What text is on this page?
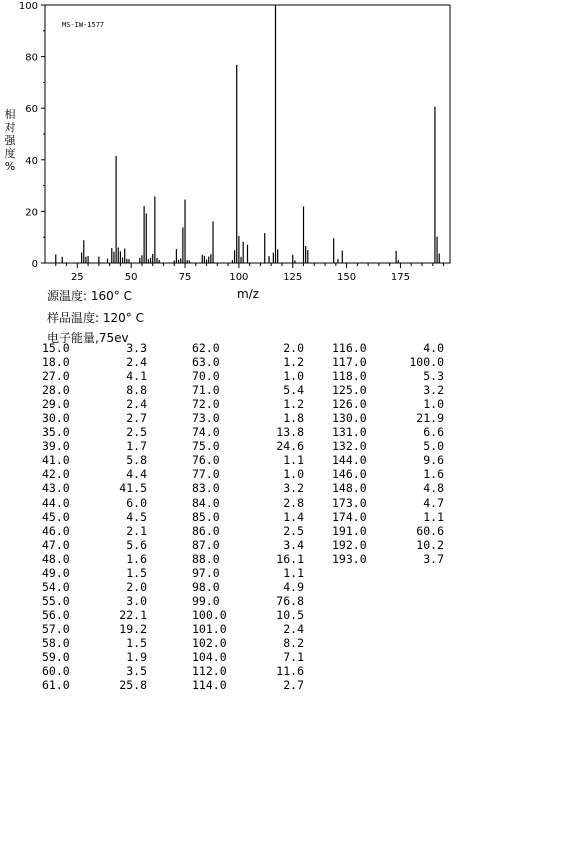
MS-IW-1577
0
20
40
60
80
100
25	50	75	100	125	150	175
m/z
相
对
强
度
%
源温度: 160° C
样品温度: 120° C
电子能量,75ev
15.0	3.3
18.0	2.4
27.0	4.1
28.0	8.8
29.0	2.4
30.0	2.7
35.0	2.5
39.0	1.7
41.0	5.8
42.0	4.4
43.0	41.5
44.0	6.0
45.0	4.5
46.0	2.1
47.0	5.6
48.0	1.6
49.0	1.5
54.0	2.0
55.0	3.0
56.0	22.1
57.0	19.2
58.0	1.5
59.0	1.9
60.0	3.5
61.0	25.8
62.0	2.0
63.0	1.2
70.0	1.0
71.0	5.4
72.0	1.2
73.0	1.8
74.0	13.8
75.0	24.6
76.0	1.1
77.0	1.0
83.0	3.2
84.0	2.8
85.0	1.4
86.0	2.5
87.0	3.4
88.0	16.1
97.0	1.1
98.0	4.9
99.0	76.8
100.0	10.5
101.0	2.4
102.0	8.2
104.0	7.1
112.0	11.6
114.0	2.7
116.0	4.0
117.0	100.0
118.0	5.3
125.0	3.2
126.0	1.0
130.0	21.9
131.0	6.6
132.0	5.0
144.0	9.6
146.0	1.6
148.0	4.8
173.0	4.7
174.0	1.1
191.0	60.6
192.0	10.2
193.0	3.7
